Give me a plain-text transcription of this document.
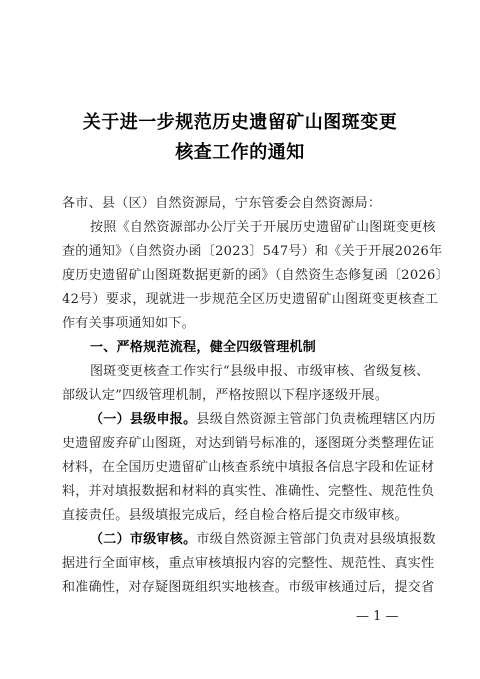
关于进一步规范历史遗留矿山图斑变更
核查工作的通知
各市、县（区）自然资源局，宁东管委会自然资源局：
按照《自然资源部办公厅关于开展历史遗留矿山图斑变更核
查的通知》（自然资办函〔2023〕547号）和《关于开展2026年
度历史遗留矿山图斑数据更新的函》（自然资生态修复函〔2026〕
42号）要求，现就进一步规范全区历史遗留矿山图斑变更核查工
作有关事项通知如下。
一、严格规范流程，健全四级管理机制
图斑变更核查工作实行“县级申报、市级审核、省级复核、
部级认定”四级管理机制，严格按照以下程序逐级开展。
（一）县级申报。县级自然资源主管部门负责梳理辖区内历
史遗留废弃矿山图斑，对达到销号标准的，逐图斑分类整理佐证
材料，在全国历史遗留矿山核查系统中填报各信息字段和佐证材
料，并对填报数据和材料的真实性、准确性、完整性、规范性负
直接责任。县级填报完成后，经自检合格后提交市级审核。
（二）市级审核。市级自然资源主管部门负责对县级填报数
据进行全面审核，重点审核填报内容的完整性、规范性、真实性
和准确性，对存疑图斑组织实地核查。市级审核通过后，提交省
— 1 —
